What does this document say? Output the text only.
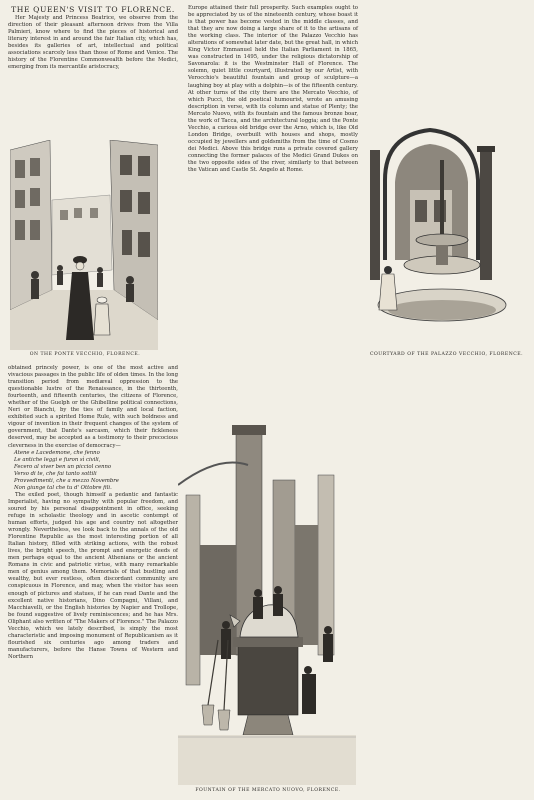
THE QUEEN'S VISIT TO FLORENCE.

Her Majesty and Princess Beatrice, we observe from the direction of their pleasant afternoon drives from the Villa Palmieri, know where to find the pieces of historical and literary interest in and around the fair Italian city, which has, besides its galleries of art, intellectual and political associations scarcely less than those of Rome and Venice. The history of the Florentine Commonwealth before the Medici, emerging from its mercantile aristocracy,

Europe attained their full prosperity. Such examples ought to be appreciated by us of the nineteenth century, whose boast it is that power has become vested in the middle classes, and that they are now doing a large share of it to the artisans of the working class. The interior of the Palazzo Vecchio has alterations of somewhat later date, but the great hall, in which King Victor Emmanuel held the Italian Parliament in 1865, was constructed in 1495, under the religious dictatorship of Savonarola: it is the Westminster Hall of Florence. The solemn, quiet little courtyard, illustrated by our Artist, with Verocchio's beautiful fountain and group of sculpture—a laughing boy at play with a dolphin—is of the fifteenth century. At other turns of the city there are the Mercato Vecchio, of which Pucci, the old poetical humourist, wrote an amusing description in verse, with its column and statue of Plenty; the Mercato Nuovo, with its fountain and the famous bronze boar, the work of Tacca, and the architectural loggia; and the Ponte Vecchio, a curious old bridge over the Arno, which is, like Old London Bridge, overbuilt with houses and shops, mostly occupied by jewellers and goldsmiths from the time of Cosmo dei Medici. Above this bridge runs a private covered gallery connecting the former palaces of the Medici Grand Dukes on the two opposite sides of the river, similarly to that between the Vatican and Castle St. Angelo at Rome.

obtained princely power, is one of the most active and vivacious passages in the public life of olden times. In the long transition period from mediæval oppression to the questionable lustre of the Renaissance, in the thirteenth, fourteenth, and fifteenth centuries, the citizens of Florence, whether of the Guelph or the Ghibelline political connections, Neri or Bianchi, by the ties of family and local faction, exhibited such a spirited Home Rule, with such boldness and vigour of invention in their frequent changes of the system of government, that Dante's sarcasm, which their fickleness deserved, may be accepted as a testimony to their precocious cleverness in the exercise of democracy—

Atene e Lacedemone, che fenno
Le antiche leggi e furon sì civili,
Fecero al viver ben un picciol cenno
Verso di te, che fai tanto sottili
Provvedimenti, che a mezzo Novembre
Non giunge tal che tu d' Ottobre fili.

The exiled poet, though himself a pedantic and fantastic Imperialist, having no sympathy with popular freedom, and soured by his personal disappointment in office, seeking refuge in scholastic theology and in ascetic contempt of human efforts, judged his age and country not altogether wrongly. Nevertheless, we look back to the annals of the old Florentine Republic as the most interesting portion of all Italian history, filled with striking actions, with the robust lives, the bright speech, the prompt and energetic deeds of men perhaps equal to the ancient Athenians or the ancient Romans in civic and patriotic virtue, with many remarkable men of genius among them. Memorials of that bustling and wealthy, but ever restless, often discordant community are conspicuous in Florence, and may, when the visitor has seen enough of pictures and statues, if he can read Dante and the excellent native historians, Dino Compagni, Villani, and Macchiavelli, or the English histories by Napier and Trollope, be found suggestive of lively reminiscences; and he has Mrs. Oliphant also written of "The Makers of Florence." The Palazzo Vecchio, which we lately described, is simply the most characteristic and imposing monument of Republicanism as it flourished six centuries ago among traders and manufacturers, before the Hanse Towns of Western and Northern

ON THE PONTE VECCHIO, FLORENCE.	COURTYARD OF THE PALAZZO VECCHIO, FLORENCE.
FOUNTAIN OF THE MERCATO NUOVO, FLORENCE.
